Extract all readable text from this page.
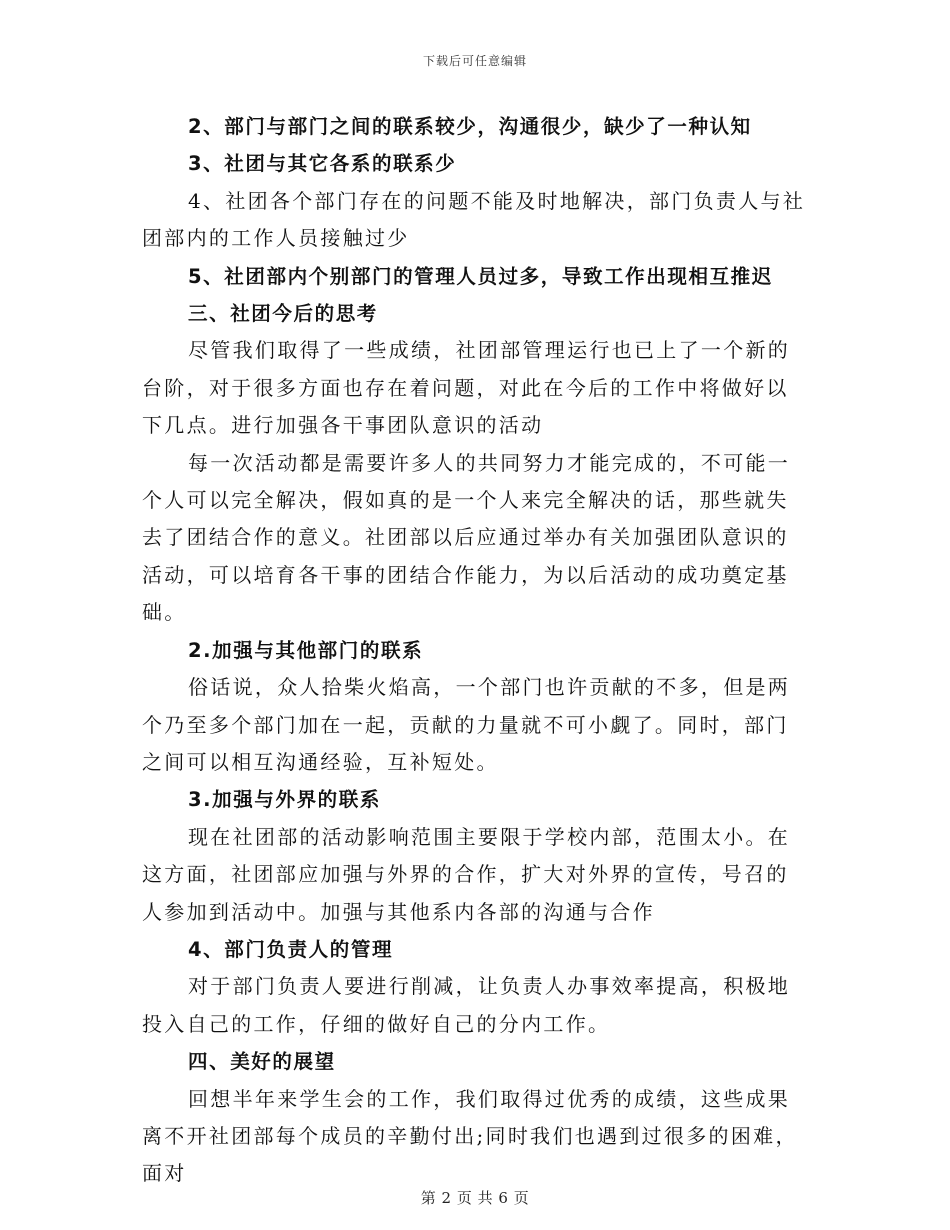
下载后可任意编辑

2、部门与部门之间的联系较少，沟通很少，缺少了一种认知

3、社团与其它各系的联系少

4、社团各个部门存在的问题不能及时地解决，部门负责人与社团部内的工作人员接触过少

5、社团部内个别部门的管理人员过多，导致工作出现相互推迟

三、社团今后的思考

尽管我们取得了一些成绩，社团部管理运行也已上了一个新的台阶，对于很多方面也存在着问题，对此在今后的工作中将做好以下几点。进行加强各干事团队意识的活动

每一次活动都是需要许多人的共同努力才能完成的，不可能一个人可以完全解决，假如真的是一个人来完全解决的话，那些就失去了团结合作的意义。社团部以后应通过举办有关加强团队意识的活动，可以培育各干事的团结合作能力，为以后活动的成功奠定基础。

2.加强与其他部门的联系

俗话说，众人拾柴火焰高，一个部门也许贡献的不多，但是两个乃至多个部门加在一起，贡献的力量就不可小觑了。同时，部门之间可以相互沟通经验，互补短处。

3.加强与外界的联系

现在社团部的活动影响范围主要限于学校内部，范围太小。在这方面，社团部应加强与外界的合作，扩大对外界的宣传，号召的人参加到活动中。加强与其他系内各部的沟通与合作

4、部门负责人的管理

对于部门负责人要进行削减，让负责人办事效率提高，积极地投入自己的工作，仔细的做好自己的分内工作。

四、美好的展望

回想半年来学生会的工作，我们取得过优秀的成绩，这些成果离不开社团部每个成员的辛勤付出;同时我们也遇到过很多的困难，面对

第 2 页 共 6 页
